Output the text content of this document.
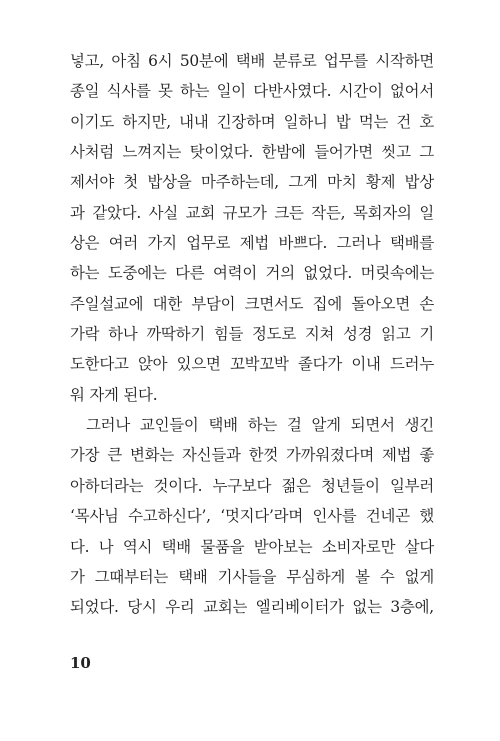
넣고, 아침 6시 50분에 택배 분류로 업무를 시작하면
종일 식사를 못 하는 일이 다반사였다. 시간이 없어서
이기도 하지만, 내내 긴장하며 일하니 밥 먹는 건 호
사처럼 느껴지는 탓이었다. 한밤에 들어가면 씻고 그
제서야 첫 밥상을 마주하는데, 그게 마치 황제 밥상
과 같았다. 사실 교회 규모가 크든 작든, 목회자의 일
상은 여러 가지 업무로 제법 바쁘다. 그러나 택배를
하는 도중에는 다른 여력이 거의 없었다. 머릿속에는
주일설교에 대한 부담이 크면서도 집에 돌아오면 손
가락 하나 까딱하기 힘들 정도로 지쳐 성경 읽고 기
도한다고 앉아 있으면 꼬박꼬박 졸다가 이내 드러누
워 자게 된다.
그러나 교인들이 택배 하는 걸 알게 되면서 생긴
가장 큰 변화는 자신들과 한껏 가까워졌다며 제법 좋
아하더라는 것이다. 누구보다 젊은 청년들이 일부러
‘목사님 수고하신다’, ‘멋지다’라며 인사를 건네곤 했
다. 나 역시 택배 물품을 받아보는 소비자로만 살다
가 그때부터는 택배 기사들을 무심하게 볼 수 없게
되었다. 당시 우리 교회는 엘리베이터가 없는 3층에,
10
